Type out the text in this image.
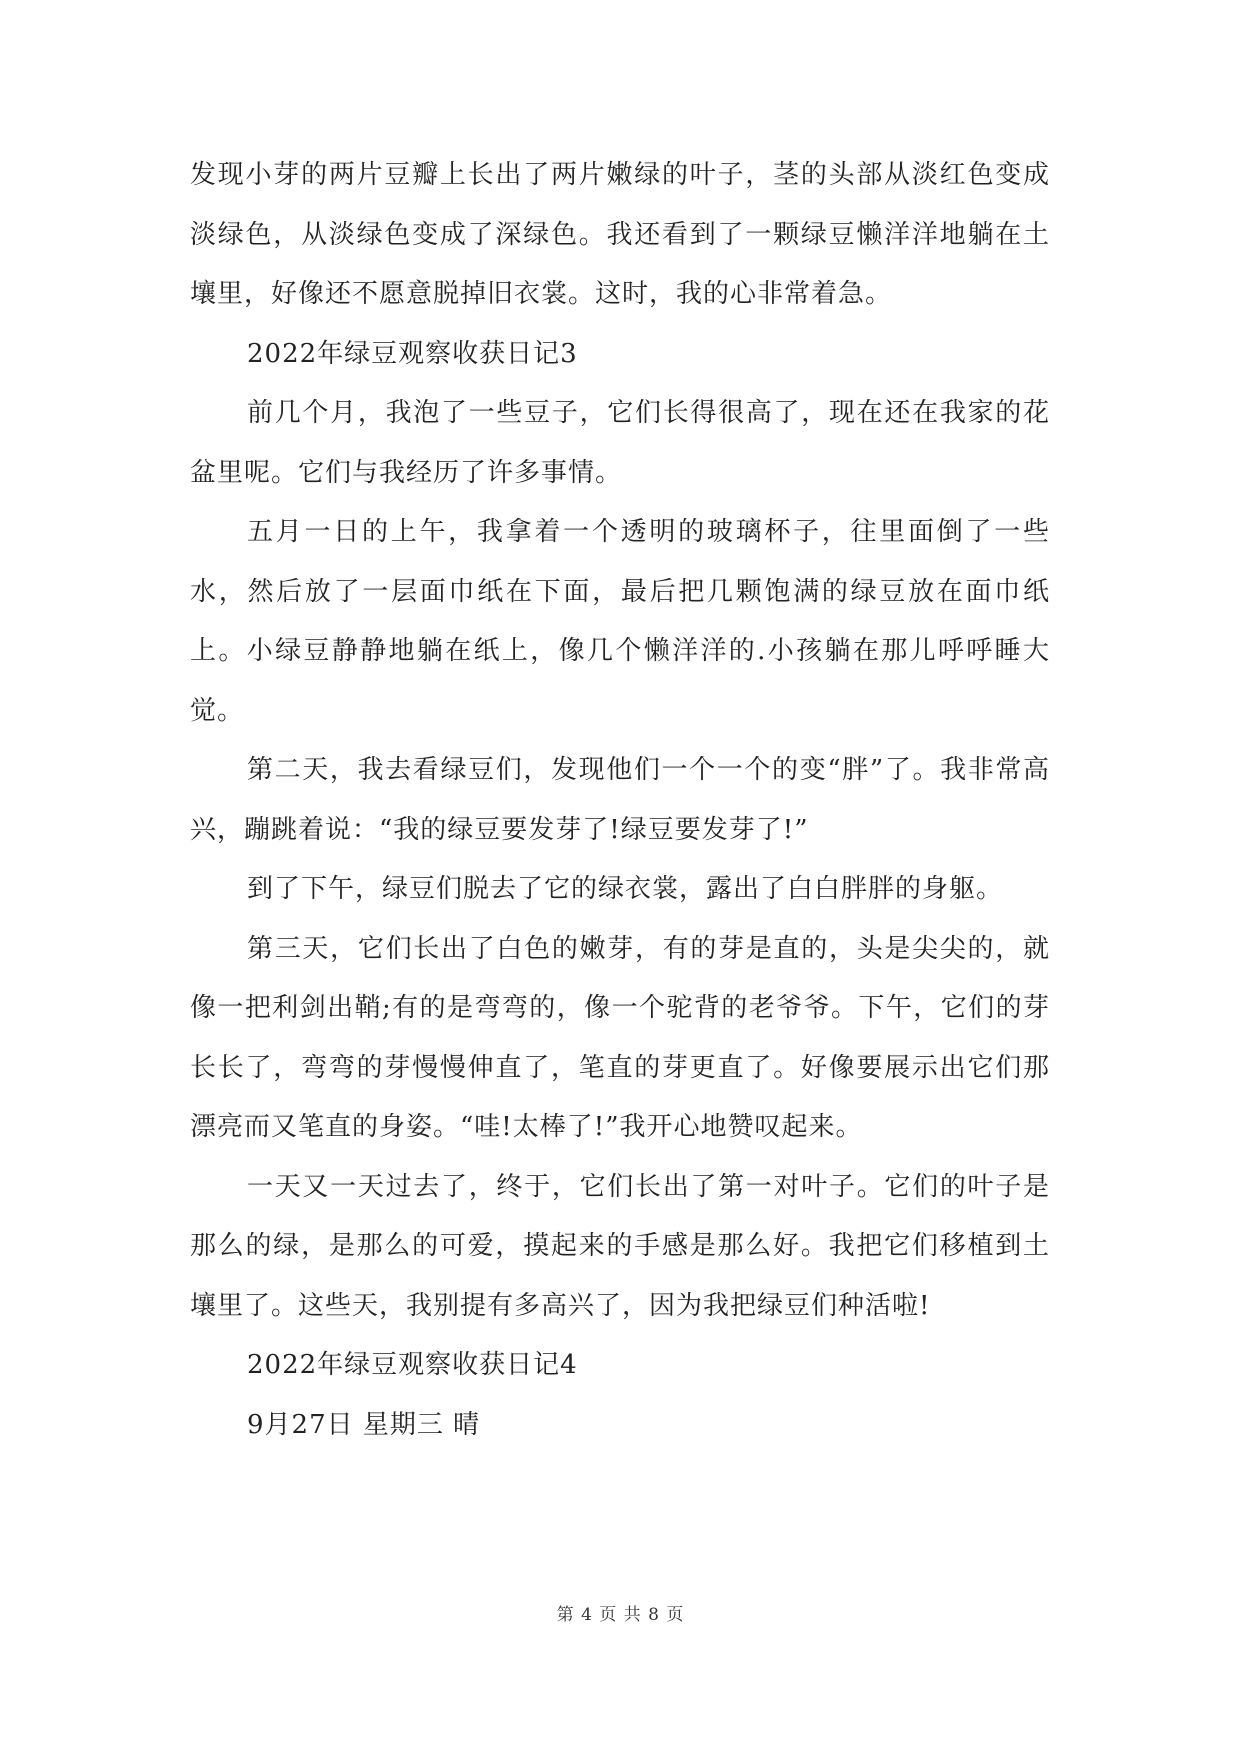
发现小芽的两片豆瓣上长出了两片嫩绿的叶子，茎的头部从淡红色变成淡绿色，从淡绿色变成了深绿色。我还看到了一颗绿豆懒洋洋地躺在土壤里，好像还不愿意脱掉旧衣裳。这时，我的心非常着急。

2022年绿豆观察收获日记3

前几个月，我泡了一些豆子，它们长得很高了，现在还在我家的花盆里呢。它们与我经历了许多事情。

五月一日的上午，我拿着一个透明的玻璃杯子，往里面倒了一些水，然后放了一层面巾纸在下面，最后把几颗饱满的绿豆放在面巾纸上。小绿豆静静地躺在纸上，像几个懒洋洋的.小孩躺在那儿呼呼睡大觉。

第二天，我去看绿豆们，发现他们一个一个的变“胖”了。我非常高兴，蹦跳着说：“我的绿豆要发芽了!绿豆要发芽了!”

到了下午，绿豆们脱去了它的绿衣裳，露出了白白胖胖的身躯。

第三天，它们长出了白色的嫩芽，有的芽是直的，头是尖尖的，就像一把利剑出鞘;有的是弯弯的，像一个驼背的老爷爷。下午，它们的芽长长了，弯弯的芽慢慢伸直了，笔直的芽更直了。好像要展示出它们那漂亮而又笔直的身姿。“哇!太棒了!”我开心地赞叹起来。

一天又一天过去了，终于，它们长出了第一对叶子。它们的叶子是那么的绿，是那么的可爱，摸起来的手感是那么好。我把它们移植到土壤里了。这些天，我别提有多高兴了，因为我把绿豆们种活啦!

2022年绿豆观察收获日记4

9月27日 星期三 晴

第 4 页 共 8 页
